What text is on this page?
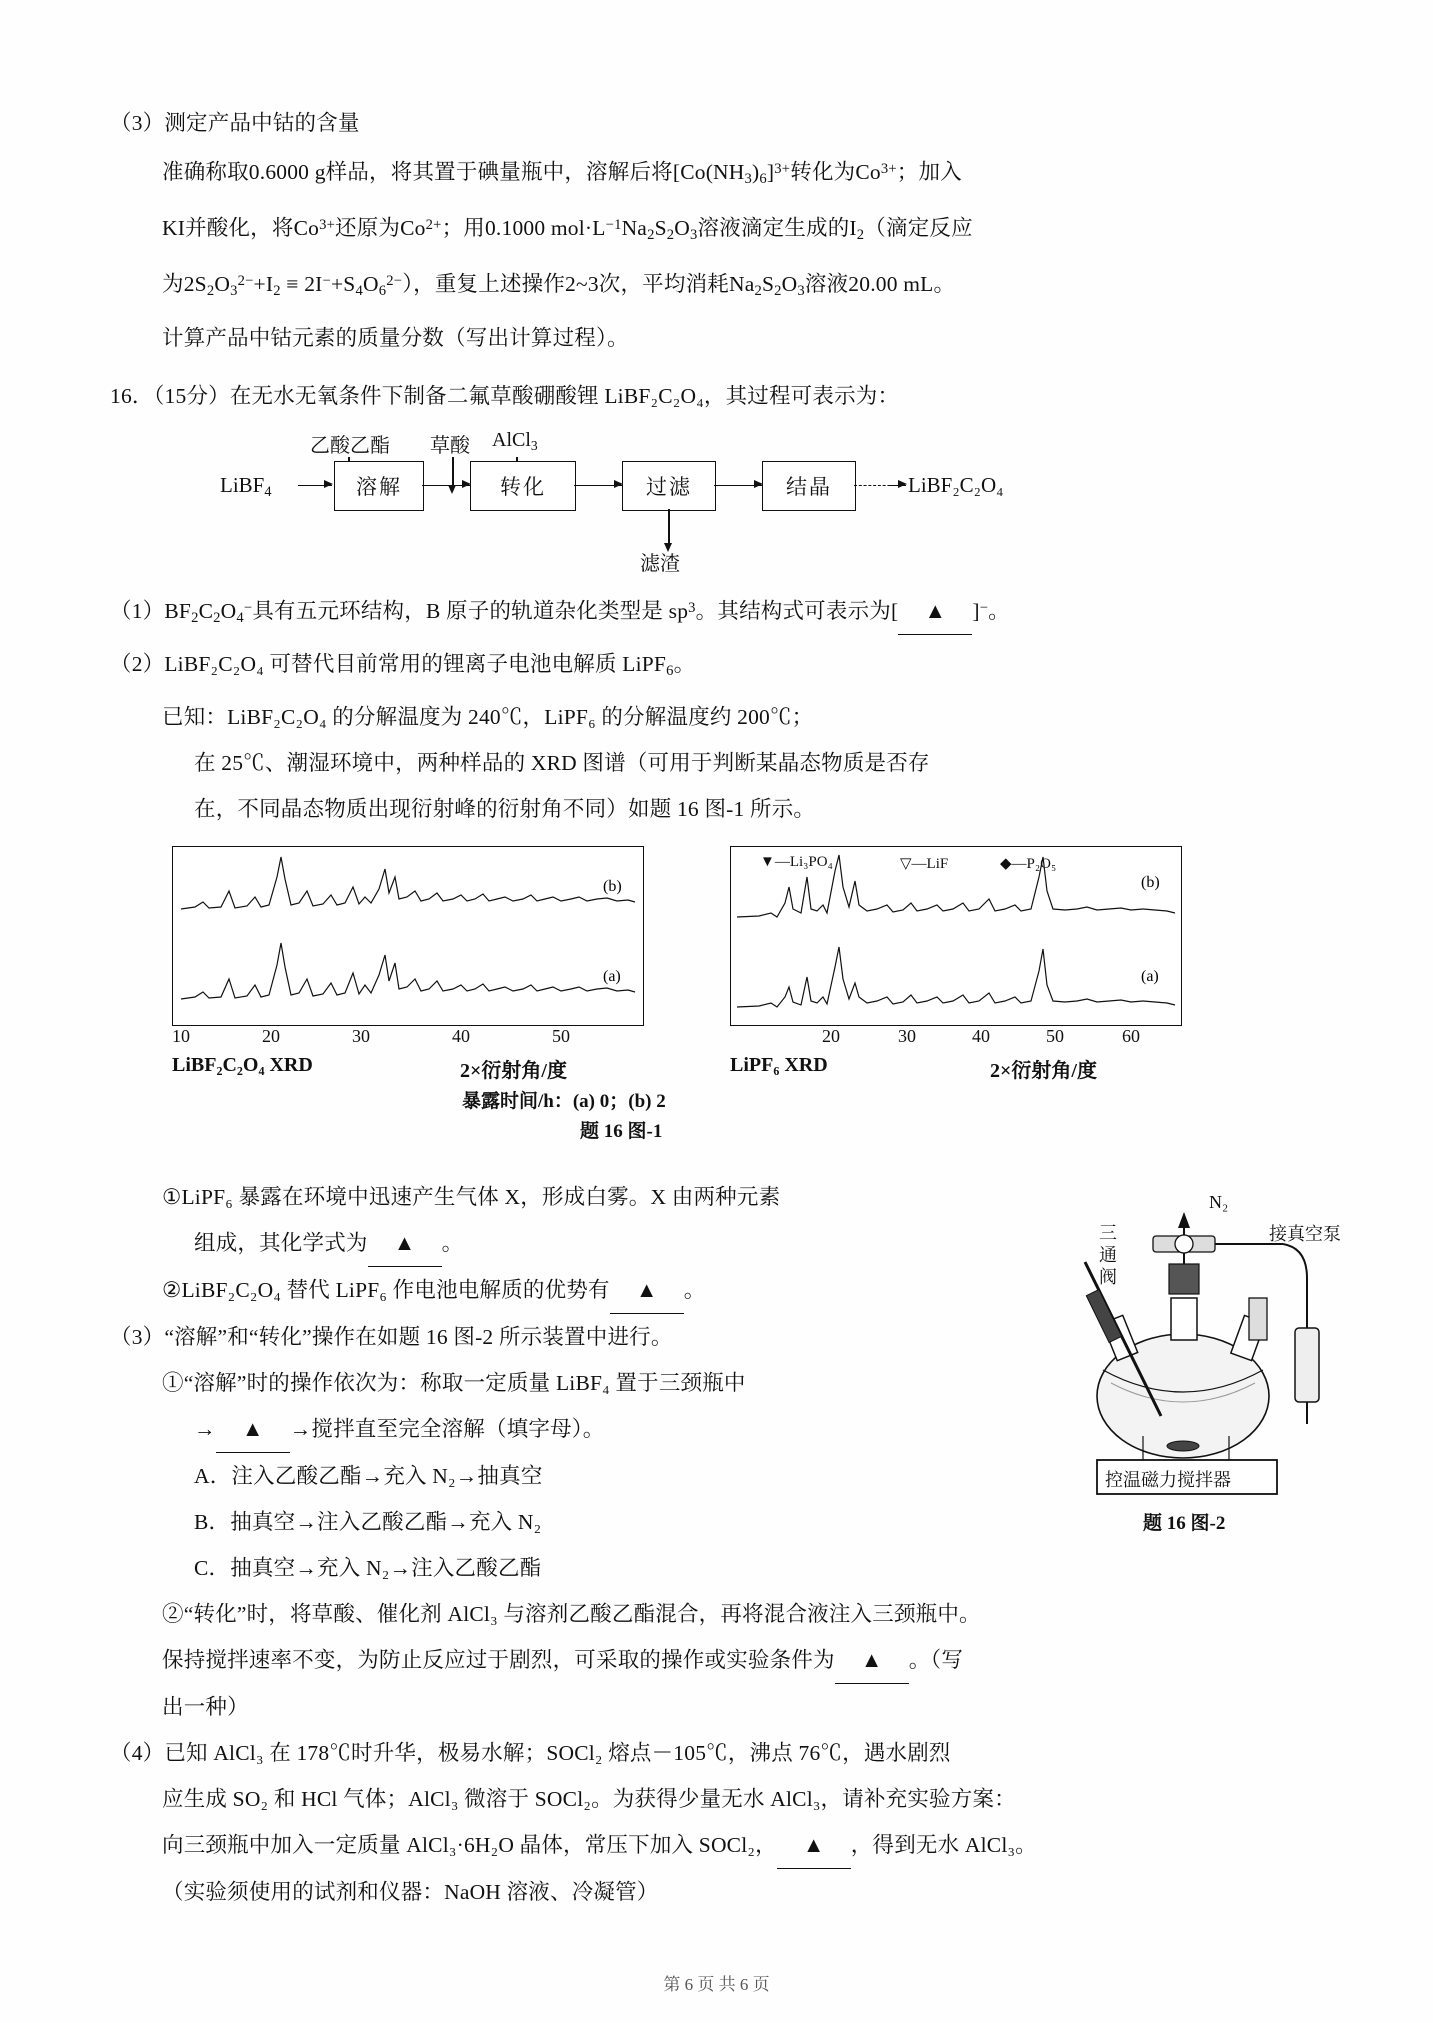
（3）测定产品中钴的含量
准确称取0.6000 g样品，将其置于碘量瓶中，溶解后将$[Co(NH_3)_6]^{3+}$转化为$Co^{3+}$；加入
KI并酸化，将$Co^{3+}$还原为$Co^{2+}$；用0.1000 $mol\cdot L^{-1}Na_2S_2O_3$溶液滴定生成的$I_2$（滴定反应
为$2S_2O_3^{2-}+I_2 \equiv 2I^-+S_4O_6^{2-}$），重复上述操作2~3次，平均消耗$Na_2S_2O_3$溶液20.00 mL。
计算产品中钴元素的质量分数（写出计算过程）。
16．（15分）在无水无氧条件下制备二氟草酸硼酸锂 LiBF₂C₂O₄，其过程可表示为：
乙酸乙酯 草酸 AlCl$_3$
LiBF$_4$	溶解	转化	过滤	结晶	LiBF₂C₂O₄
滤渣
$(1)BF_2C_2O_4^-$具有五元环结构，B 原子的轨道杂化类型是 $sp^3$。其结构式可表示为[ ▲ ]−。
（2）LiBF₂C₂O₄ 可替代目前常用的锂离子电池电解质 LiPF$_6$。
已知：LiBF₂C₂O₄ 的分解温度为 240℃，LiPF₆ 的分解温度约 200℃；
在 25℃、潮湿环境中，两种样品的 XRD 图谱（可用于判断某晶态物质是否存
在，不同晶态物质出现衍射峰的衍射角不同）如题 16 图-1 所示。
(b)
(a)
10	20	30	40	50
LiBF₂C₂O₄ XRD	2×衍射角/度
(b)
(a)
▼—Li₃PO₄	▽—LiF	◆—P₂O₅
20	30	40	50	60
LiPF₆ XRD	2×衍射角/度
暴露时间/h：(a) 0；(b) 2
题 16 图-1
①LiPF₆ 暴露在环境中迅速产生气体 X，形成白雾。X 由两种元素
组成，其化学式为 ▲ 。
②LiBF₂C₂O₄ 替代 LiPF₆ 作电池电解质的优势有 ▲ 。
（3）“溶解”和“转化”操作在如题 16 图-2 所示装置中进行。
①“溶解”时的操作依次为：称取一定质量 LiBF₄ 置于三颈瓶中
→ ▲ →搅拌直至完全溶解（填字母）。
A．注入乙酸乙酯→充入 N₂→抽真空
B．抽真空→注入乙酸乙酯→充入 N₂
C．抽真空→充入 N₂→注入乙酸乙酯
②“转化”时，将草酸、催化剂 AlCl₃ 与溶剂乙酸乙酯混合，再将混合液注入三颈瓶中。
保持搅拌速率不变，为防止反应过于剧烈，可采取的操作或实验条件为 ▲ 。（写
出一种）
（4）已知 AlCl₃ 在 178℃时升华，极易水解；SOCl₂ 熔点－105℃，沸点 76℃，遇水剧烈
应生成 SO₂ 和 HCl 气体；AlCl₃ 微溶于 SOCl₂。为获得少量无水 AlCl₃，请补充实验方案：
向三颈瓶中加入一定质量 AlCl₃·6H₂O 晶体，常压下加入 SOCl₂， ▲ ，得到无水 AlCl₃。
（实验须使用的试剂和仪器：NaOH 溶液、冷凝管）
N₂
三通阀
接真空泵
控温磁力搅拌器
题 16 图-2
第 6 页 共 6 页
